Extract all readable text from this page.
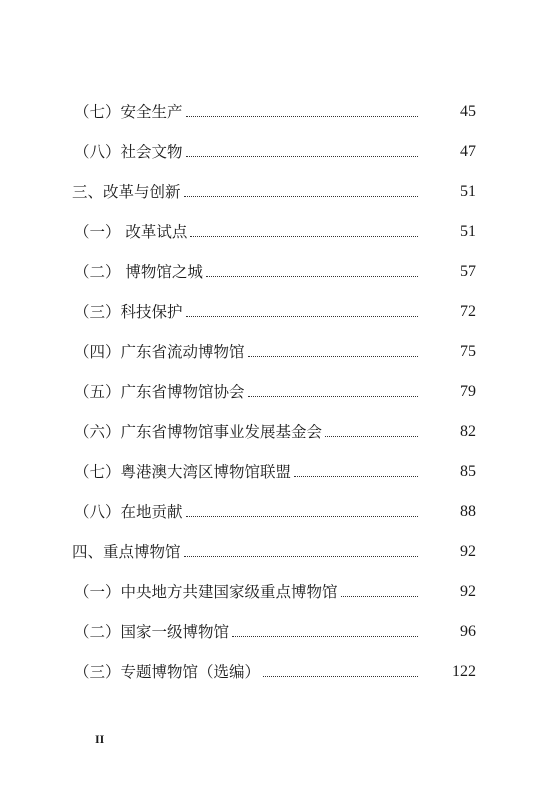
（七）安全生产	45
（八）社会文物	47
三、改革与创新	51
（一） 改革试点	51
（二） 博物馆之城	57
（三）科技保护	72
（四）广东省流动博物馆	75
（五）广东省博物馆协会	79
（六）广东省博物馆事业发展基金会	82
（七）粤港澳大湾区博物馆联盟	85
（八）在地贡献	88
四、重点博物馆	92
（一）中央地方共建国家级重点博物馆	92
（二）国家一级博物馆	96
（三）专题博物馆（选编）	122
II
